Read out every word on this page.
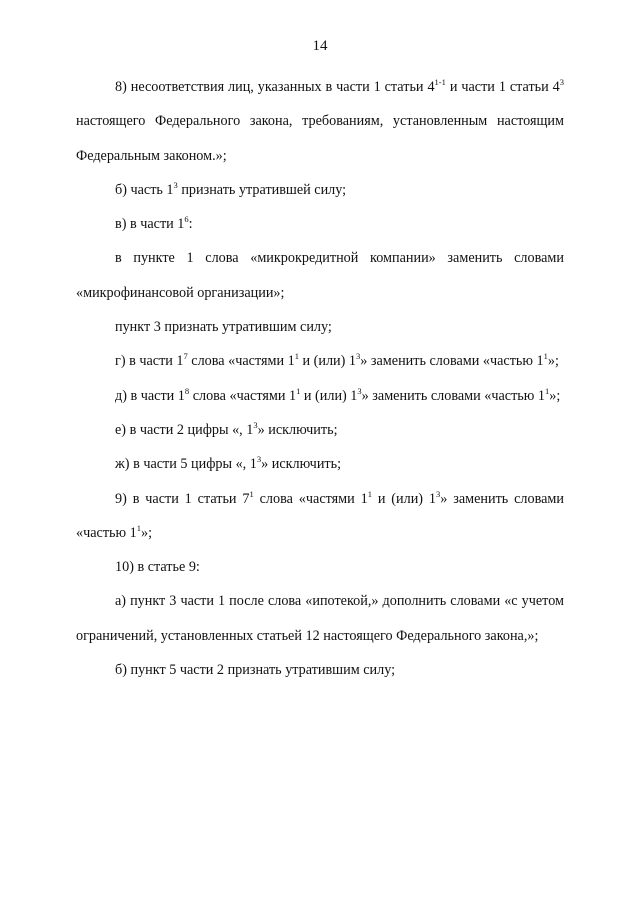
14

8) несоответствия лиц, указанных в части 1 статьи 4$^{1-1}$ и части 1 статьи $4^3$ настоящего Федерального закона, требованиям, установленным настоящим Федеральным законом.»;

б) часть $1^3$ признать утратившей силу;

в) в части $1^6$:

в пункте 1 слова «микрокредитной компании» заменить словами «микрофинансовой организации»;

пункт 3 признать утратившим силу;

г) в части $1^7$ слова «частями $1^1$ и (или) $1^3$» заменить словами «частью $1^1$»;

д) в части $1^8$ слова «частями $1^1$ и (или) $1^3$» заменить словами «частью $1^1$»;

е) в части 2 цифры «, $1^3$» исключить;

ж) в части 5 цифры «, $1^3$» исключить;

9) в части 1 статьи $7^1$ слова «частями $1^1$ и (или) $1^3$» заменить словами «частью $1^1$»;

10) в статье 9:

а) пункт 3 части 1 после слова «ипотекой,» дополнить словами «с учетом ограничений, установленных статьей 12 настоящего Федерального закона,»;

б) пункт 5 части 2 признать утратившим силу;
